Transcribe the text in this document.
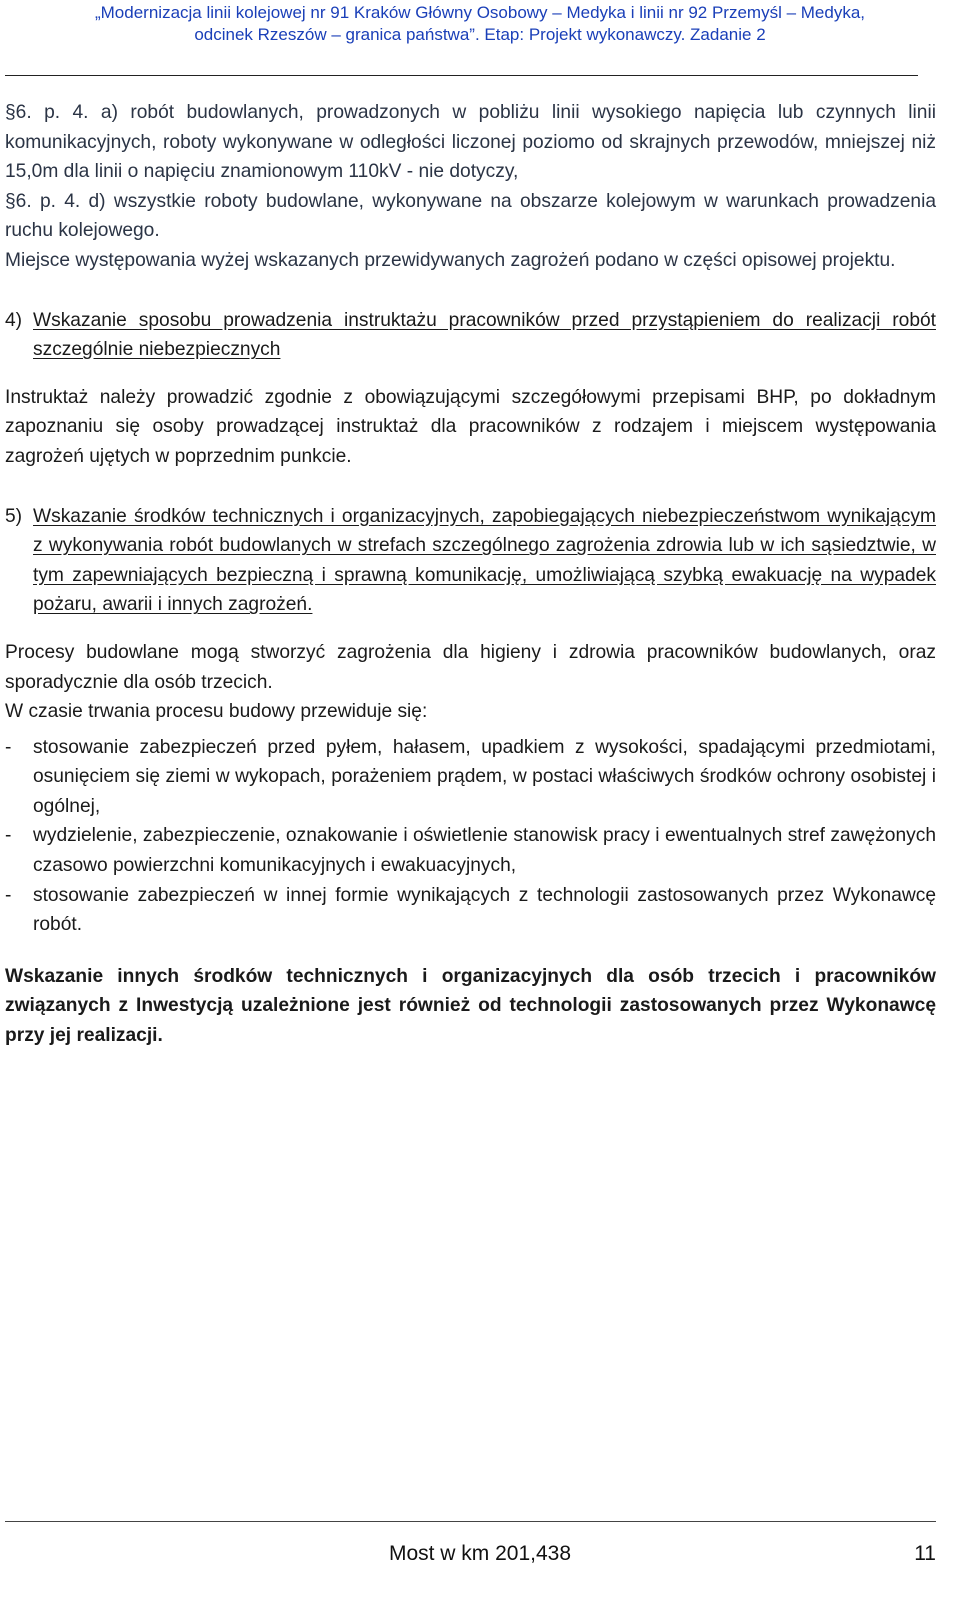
„Modernizacja linii kolejowej nr 91 Kraków Główny Osobowy – Medyka i linii nr 92 Przemyśl – Medyka,
odcinek Rzeszów – granica państwa”. Etap: Projekt wykonawczy. Zadanie 2

§6. p. 4. a) robót budowlanych, prowadzonych w pobliżu linii wysokiego napięcia lub czynnych linii komunikacyjnych, roboty wykonywane w odległości liczonej poziomo od skrajnych przewodów, mniejszej niż 15,0m dla linii o napięciu znamionowym 110kV - nie dotyczy,

§6. p. 4. d) wszystkie roboty budowlane, wykonywane na obszarze kolejowym w warunkach prowadzenia ruchu kolejowego.

Miejsce występowania wyżej wskazanych przewidywanych zagrożeń podano w części opisowej projektu.

4) Wskazanie sposobu prowadzenia instruktażu pracowników przed przystąpieniem do realizacji robót szczególnie niebezpiecznych

Instruktaż należy prowadzić zgodnie z obowiązującymi szczegółowymi przepisami BHP, po dokładnym zapoznaniu się osoby prowadzącej instruktaż dla pracowników z rodzajem i miejscem występowania zagrożeń ujętych w poprzednim punkcie.

5) Wskazanie środków technicznych i organizacyjnych, zapobiegających niebezpieczeństwom wynikającym z wykonywania robót budowlanych w strefach szczególnego zagrożenia zdrowia lub w ich sąsiedztwie, w tym zapewniających bezpieczną i sprawną komunikację, umożliwiającą szybką ewakuację na wypadek pożaru, awarii i innych zagrożeń.

Procesy budowlane mogą stworzyć zagrożenia dla higieny i zdrowia pracowników budowlanych, oraz sporadycznie dla osób trzecich.

W czasie trwania procesu budowy przewiduje się:

-	stosowanie zabezpieczeń przed pyłem, hałasem, upadkiem z wysokości, spadającymi przedmiotami, osunięciem się ziemi w wykopach, porażeniem prądem, w postaci właściwych środków ochrony osobistej i ogólnej,
-	wydzielenie, zabezpieczenie, oznakowanie i oświetlenie stanowisk pracy i ewentualnych stref zawężonych czasowo powierzchni komunikacyjnych i ewakuacyjnych,
-	stosowanie zabezpieczeń w innej formie wynikających z technologii zastosowanych przez Wykonawcę robót.

Wskazanie innych środków technicznych i organizacyjnych dla osób trzecich i pracowników związanych z Inwestycją uzależnione jest również od technologii zastosowanych przez Wykonawcę przy jej realizacji.

Most w km 201,438	11
